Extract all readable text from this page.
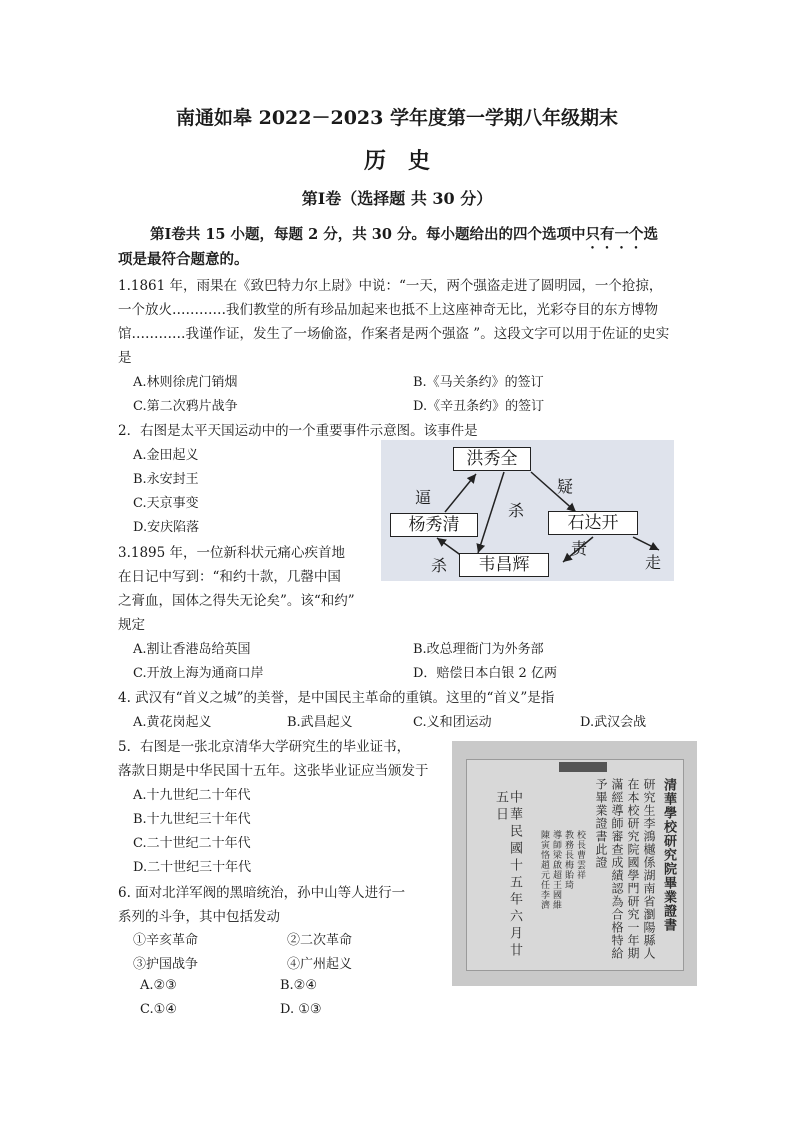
南通如皋 2022－2023 学年度第一学期八年级期末
历史
第Ⅰ卷（选择题 共 30 分）
第Ⅰ卷共 15 小题，每题 2 分，共 30 分。每小题给出的四个选项中只有一个选
项是最符合题意的。
1.1861 年，雨果在《致巴特力尔上尉》中说：“一天，两个强盗走进了圆明园，一个抢掠，
一个放火…………我们教堂的所有珍品加起来也抵不上这座神奇无比，光彩夺目的东方博物
馆…………我谨作证，发生了一场偷盗，作案者是两个强盗 ”。这段文字可以用于佐证的史实
是
A.林则徐虎门销烟	B.《马关条约》的签订
C.第二次鸦片战争	D.《辛丑条约》的签订
2．右图是太平天国运动中的一个重要事件示意图。该事件是
A.金田起义
B.永安封王
C.天京事变
D.安庆陷落
洪秀全
杨秀清	石达开
韦昌辉
逼
杀
疑
杀
责
走
3.1895 年，一位新科状元痛心疾首地
在日记中写到：“和约十款，几罄中国
之膏血，国体之得失无论矣”。该“和约”
规定
A.割让香港岛给英国	B.改总理衙门为外务部
C.开放上海为通商口岸	D．赔偿日本白银 2 亿两
4. 武汉有“首义之城”的美誉，是中国民主革命的重镇。这里的“首义”是指
A.黄花岗起义	B.武昌起义	C.义和团运动	D.武汉会战
5．右图是一张北京清华大学研究生的毕业证书，
落款日期是中华民国十五年。这张毕业证应当颁发于
A.十九世纪二十年代
B.十九世纪三十年代
C.二十世纪二十年代
D.二十世纪三十年代	清華學校研究院畢業證書
研究生李鴻樾係湖南省瀏陽縣人
在本校研究院國學門研究一年期
滿經導師審查成績認為合格特給
予畢業證書此證
校長曹雲祥
教務長梅貽琦
導師梁啟超王國維
陳寅恪趙元任李濟
中華民國十五年六月廿五日
6. 面对北洋军阀的黑暗统治，孙中山等人进行一
系列的斗争，其中包括发动
①辛亥革命	②二次革命
③护国战争	④广州起义
A.②③	B.②④
C.①④	D. ①③
